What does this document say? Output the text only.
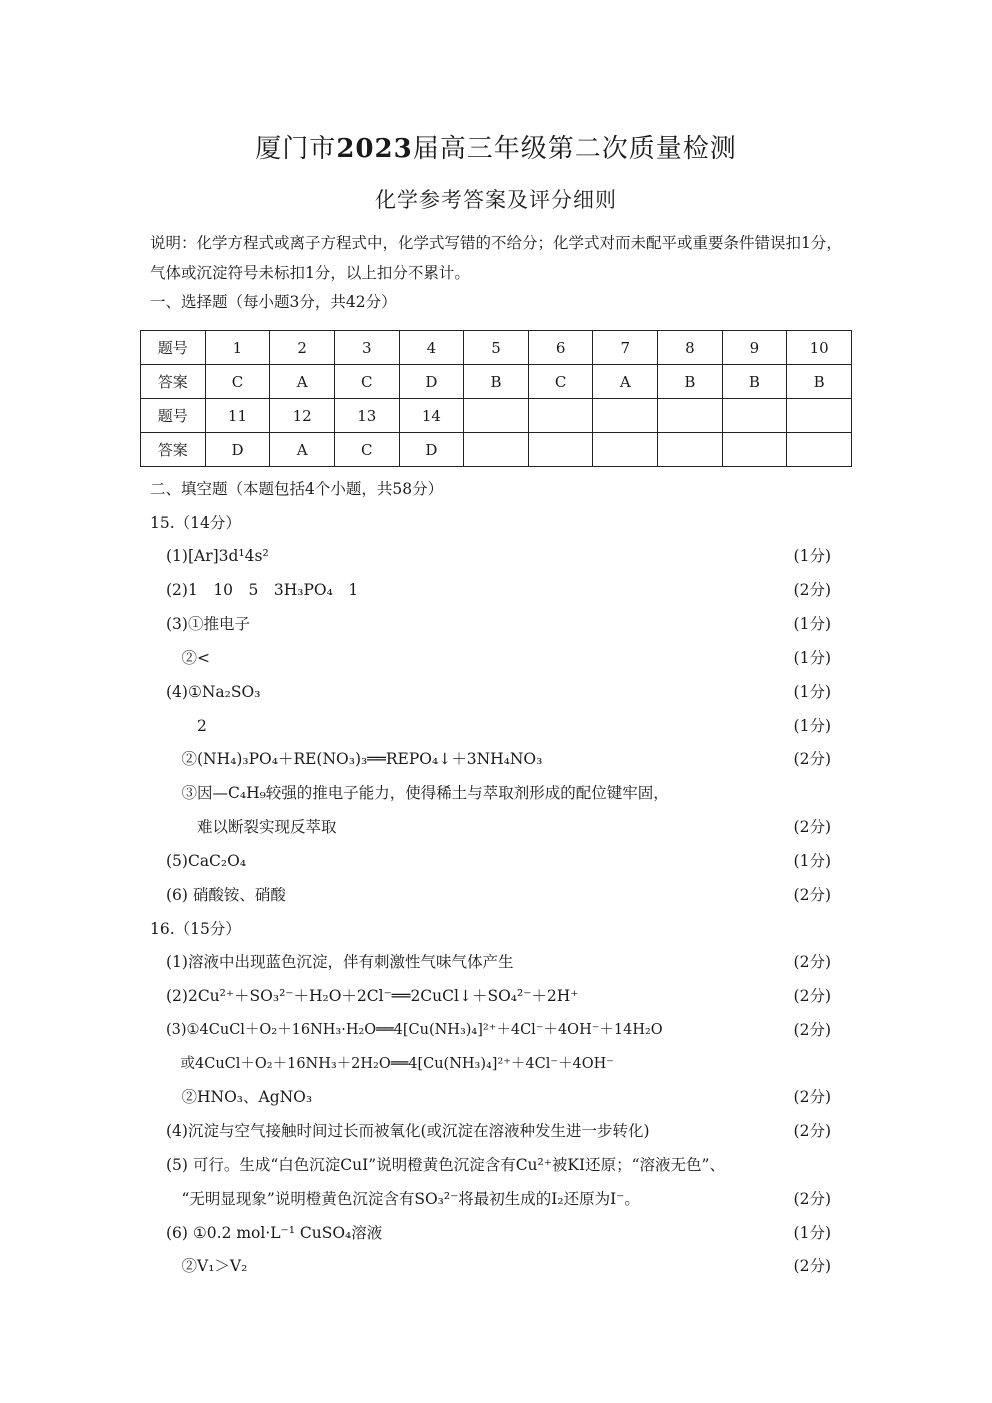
厦门市2023届高三年级第二次质量检测
化学参考答案及评分细则
说明：化学方程式或离子方程式中，化学式写错的不给分；化学式对而未配平或重要条件错误扣1分，气体或沉淀符号未标扣1分，以上扣分不累计。
一、选择题（每小题3分，共42分）
题号	1	2	3	4	5	6	7	8	9	10
答案	C	A	C	D	B	C	A	B	B	B
题号	11	12	13	14						
答案	D	A	C	D						
二、填空题（本题包括4个小题，共58分）
15.（14分）
(1)[Ar]3d¹4s²	(1分)
(2)1　10　5　3H₃PO₄　1	(2分)
(3)①推电子	(1分)
　②<	(1分)
(4)①Na₂SO₃	(1分)
　　2	(1分)
　②(NH₄)₃PO₄＋RE(NO₃)₃══REPO₄↓＋3NH₄NO₃	(2分)
　③因—C₄H₉较强的推电子能力，使得稀土与萃取剂形成的配位键牢固，
　　难以断裂实现反萃取	(2分)
(5)CaC₂O₄	(1分)
(6) 硝酸铵、硝酸	(2分)
16.（15分）
(1)溶液中出现蓝色沉淀，伴有刺激性气味气体产生	(2分)
(2)2Cu²⁺＋SO₃²⁻＋H₂O＋2Cl⁻══2CuCl↓＋SO₄²⁻＋2H⁺	(2分)
(3)①4CuCl＋O₂＋16NH₃·H₂O══4[Cu(NH₃)₄]²⁺＋4Cl⁻＋4OH⁻＋14H₂O	(2分)
　或4CuCl＋O₂＋16NH₃＋2H₂O══4[Cu(NH₃)₄]²⁺＋4Cl⁻＋4OH⁻
　②HNO₃、AgNO₃	(2分)
(4)沉淀与空气接触时间过长而被氧化(或沉淀在溶液种发生进一步转化)	(2分)
(5) 可行。生成“白色沉淀CuI”说明橙黄色沉淀含有Cu²⁺被KI还原；“溶液无色”、
　“无明显现象”说明橙黄色沉淀含有SO₃²⁻将最初生成的I₂还原为I⁻。	(2分)
(6) ①0.2 mol·L⁻¹ CuSO₄溶液	(1分)
　②V₁＞V₂	(2分)
